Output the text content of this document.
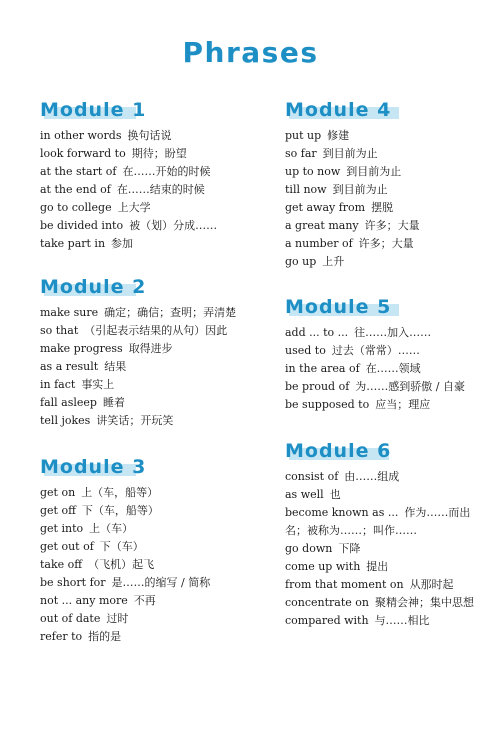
Phrases
Module 1
in other words 换句话说
look forward to 期待；盼望
at the start of 在……开始的时候
at the end of 在……结束的时候
go to college 上大学
be divided into 被（划）分成……
take part in 参加
Module 2
make sure 确定；确信；查明；弄清楚
so that （引起表示结果的从句）因此
make progress 取得进步
as a result 结果
in fact 事实上
fall asleep 睡着
tell jokes 讲笑话；开玩笑
Module 3
get on 上（车，船等）
get off 下（车，船等）
get into 上（车）
get out of 下（车）
take off （飞机）起飞
be short for 是……的缩写 / 简称
not ... any more 不再
out of date 过时
refer to 指的是
Module 4
put up 修建
so far 到目前为止
up to now 到目前为止
till now 到目前为止
get away from 摆脱
a great many 许多；大量
a number of 许多；大量
go up 上升
Module 5
add ... to ... 往……加入……
used to 过去（常常）……
in the area of 在……领域
be proud of 为……感到骄傲 / 自豪
be supposed to 应当；理应
Module 6
consist of 由……组成
as well 也
become known as ... 作为……而出名；被称为……；叫作……
go down 下降
come up with 提出
from that moment on 从那时起
concentrate on 聚精会神；集中思想
compared with 与……相比
